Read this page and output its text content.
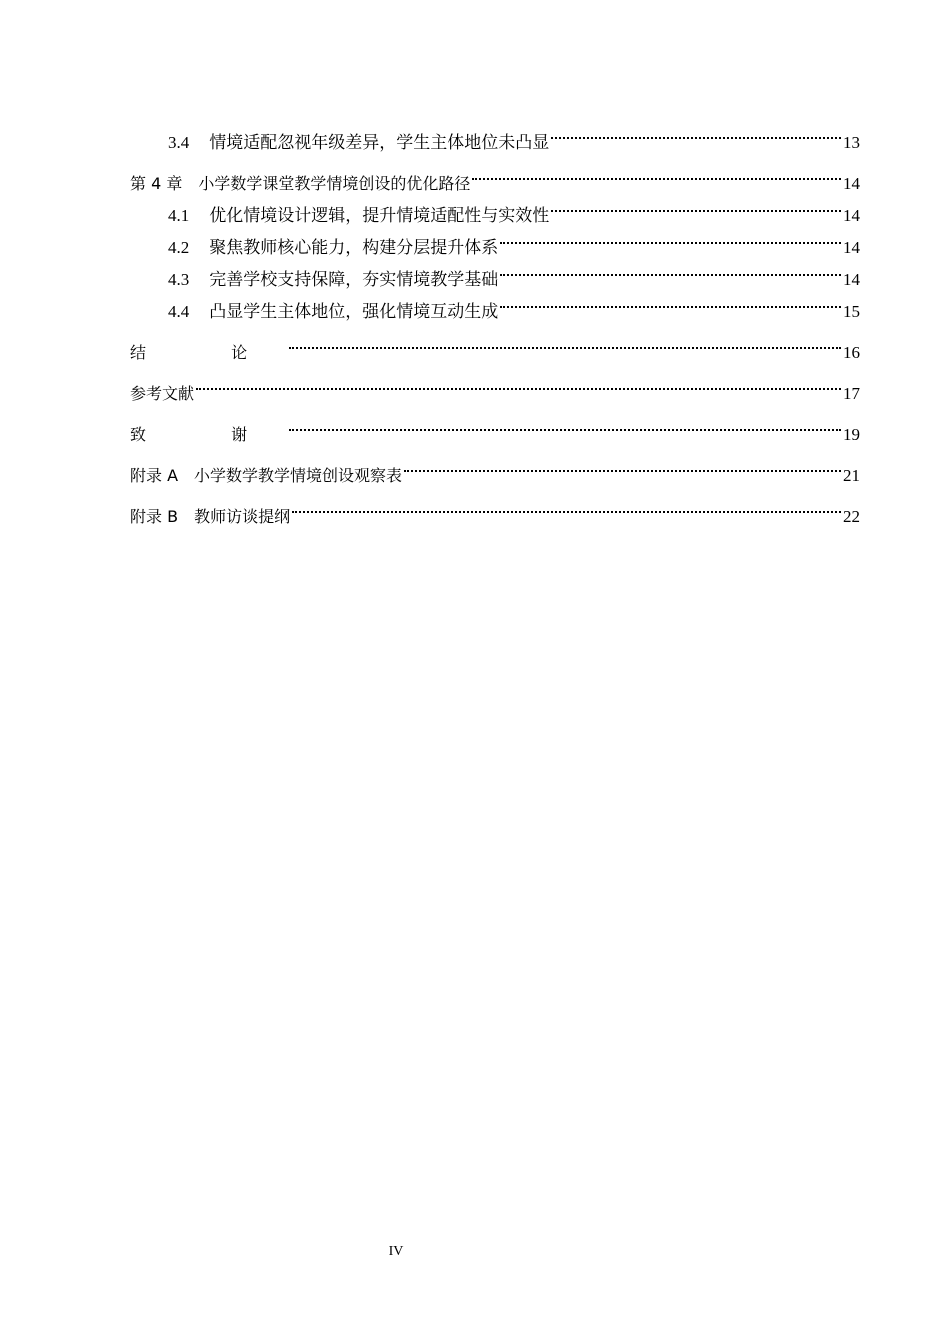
3.4 情境适配忽视年级差异，学生主体地位未凸显	13
第 4 章 小学数学课堂教学情境创设的优化路径	14
4.1 优化情境设计逻辑，提升情境适配性与实效性	14
4.2 聚焦教师核心能力，构建分层提升体系	14
4.3 完善学校支持保障，夯实情境教学基础	14
4.4 凸显学生主体地位，强化情境互动生成	15
结 论	16
参考文献	17
致 谢	19
附录 A 小学数学教学情境创设观察表	21
附录 B 教师访谈提纲	22
IV
